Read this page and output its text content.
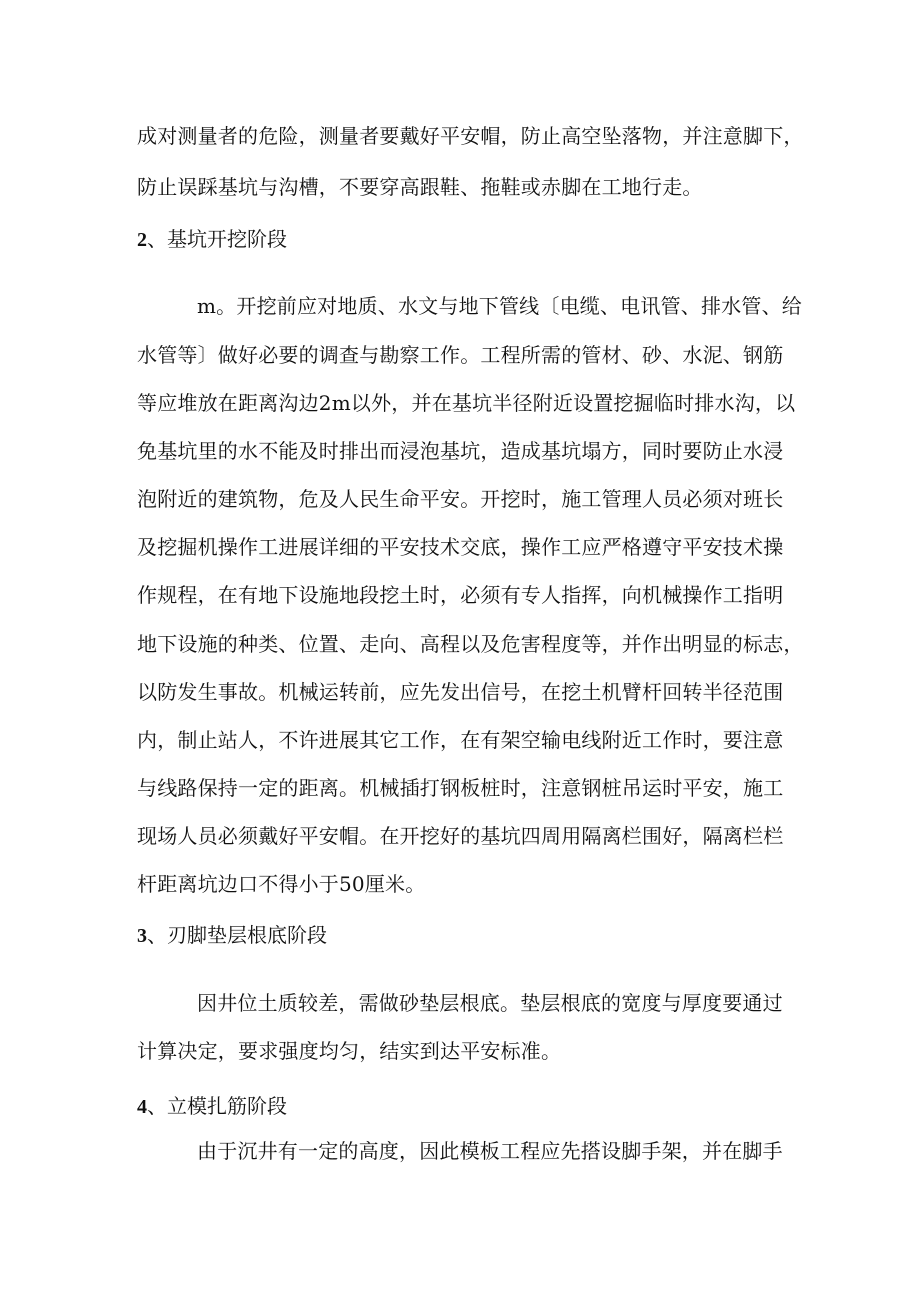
成对测量者的危险，测量者要戴好平安帽，防止高空坠落物，并注意脚下，
防止误踩基坑与沟槽，不要穿高跟鞋、拖鞋或赤脚在工地行走。
2、基坑开挖阶段
m。开挖前应对地质、水文与地下管线〔电缆、电讯管、排水管、给
水管等〕做好必要的调查与勘察工作。工程所需的管材、砂、水泥、钢筋
等应堆放在距离沟边2m以外，并在基坑半径附近设置挖掘临时排水沟，以
免基坑里的水不能及时排出而浸泡基坑，造成基坑塌方，同时要防止水浸
泡附近的建筑物，危及人民生命平安。开挖时，施工管理人员必须对班长
及挖掘机操作工进展详细的平安技术交底，操作工应严格遵守平安技术操
作规程，在有地下设施地段挖土时，必须有专人指挥，向机械操作工指明
地下设施的种类、位置、走向、高程以及危害程度等，并作出明显的标志，
以防发生事故。机械运转前，应先发出信号，在挖土机臂杆回转半径范围
内，制止站人，不许进展其它工作，在有架空输电线附近工作时，要注意
与线路保持一定的距离。机械插打钢板桩时，注意钢桩吊运时平安，施工
现场人员必须戴好平安帽。在开挖好的基坑四周用隔离栏围好，隔离栏栏
杆距离坑边口不得小于50厘米。
3、刃脚垫层根底阶段
因井位土质较差，需做砂垫层根底。垫层根底的宽度与厚度要通过
计算决定，要求强度均匀，结实到达平安标准。
4、立模扎筋阶段
由于沉井有一定的高度，因此模板工程应先搭设脚手架，并在脚手
